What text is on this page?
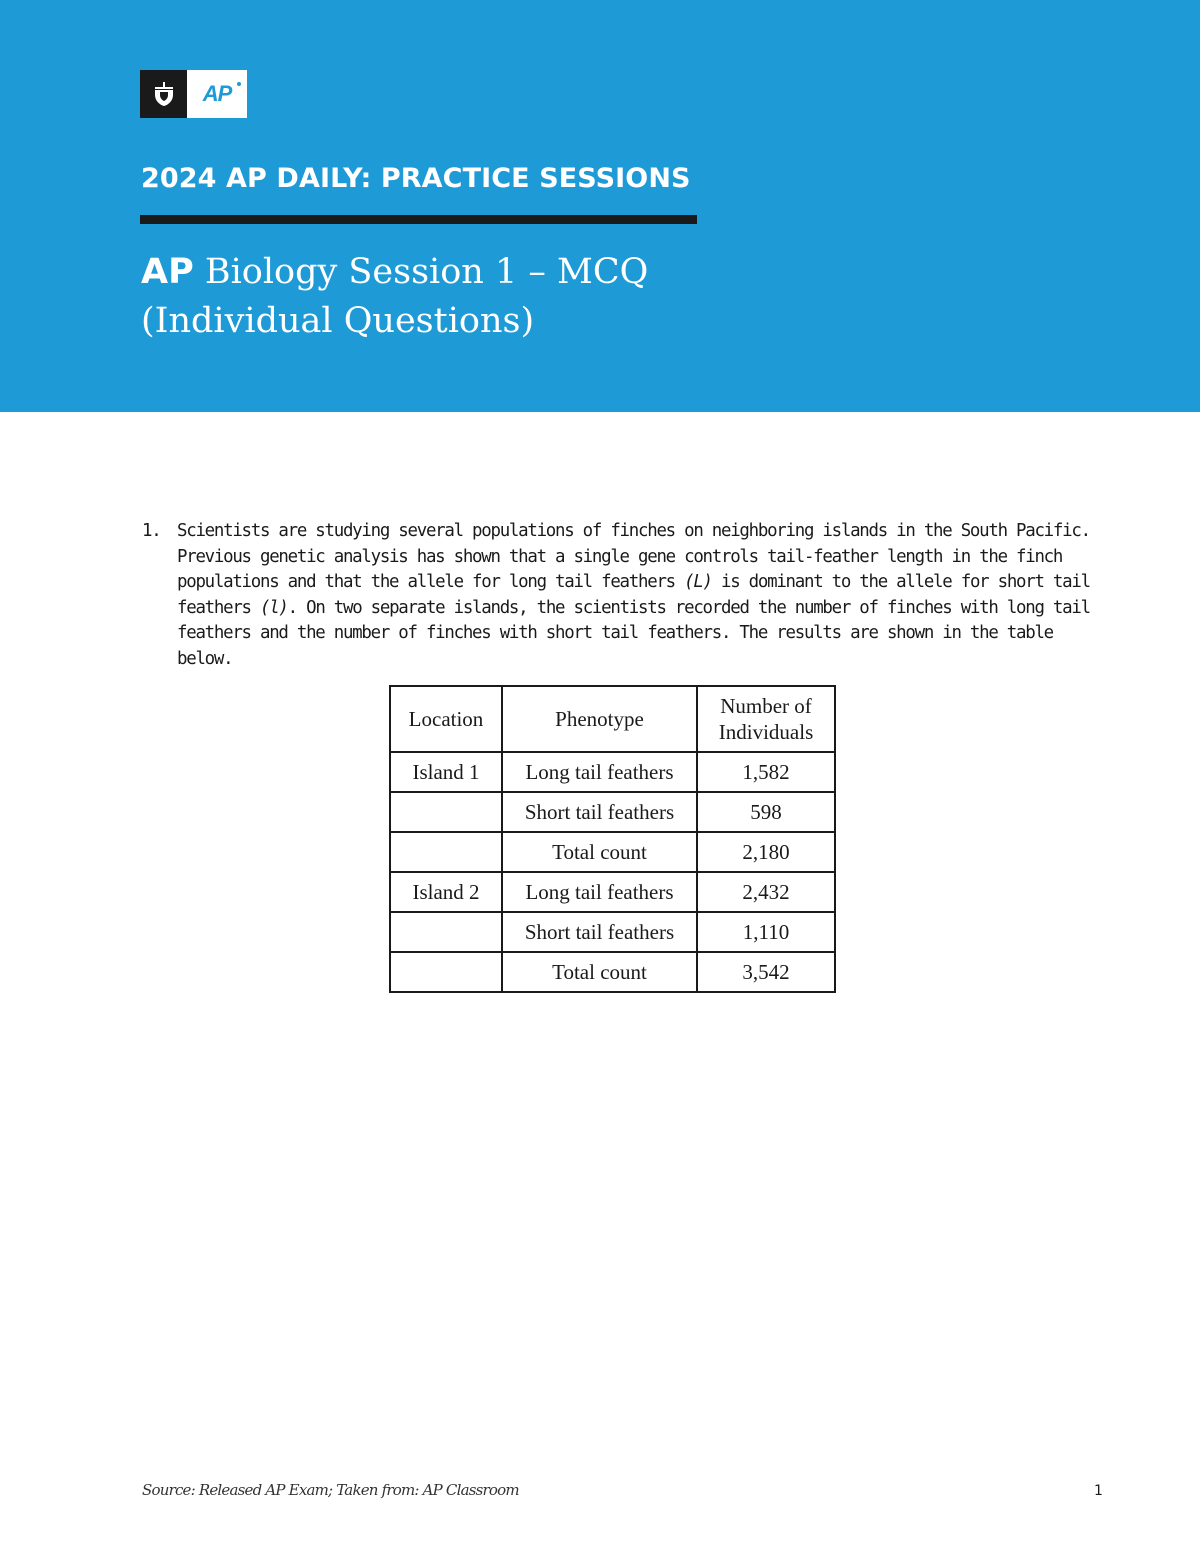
AP
2024 AP DAILY: PRACTICE SESSIONS
AP Biology Session 1 – MCQ
(Individual Questions)
1. Scientists are studying several populations of finches on neighboring islands in the South Pacific. Previous genetic analysis has shown that a single gene controls tail-feather length in the finch populations and that the allele for long tail feathers (L) is dominant to the allele for short tail feathers (l). On two separate islands, the scientists recorded the number of finches with long tail feathers and the number of finches with short tail feathers. The results are shown in the table below.
Location	Phenotype	Number of Individuals
Island 1	Long tail feathers	1,582
	Short tail feathers	598
	Total count	2,180
Island 2	Long tail feathers	2,432
	Short tail feathers	1,110
	Total count	3,542
Source: Released AP Exam; Taken from: AP Classroom	1
